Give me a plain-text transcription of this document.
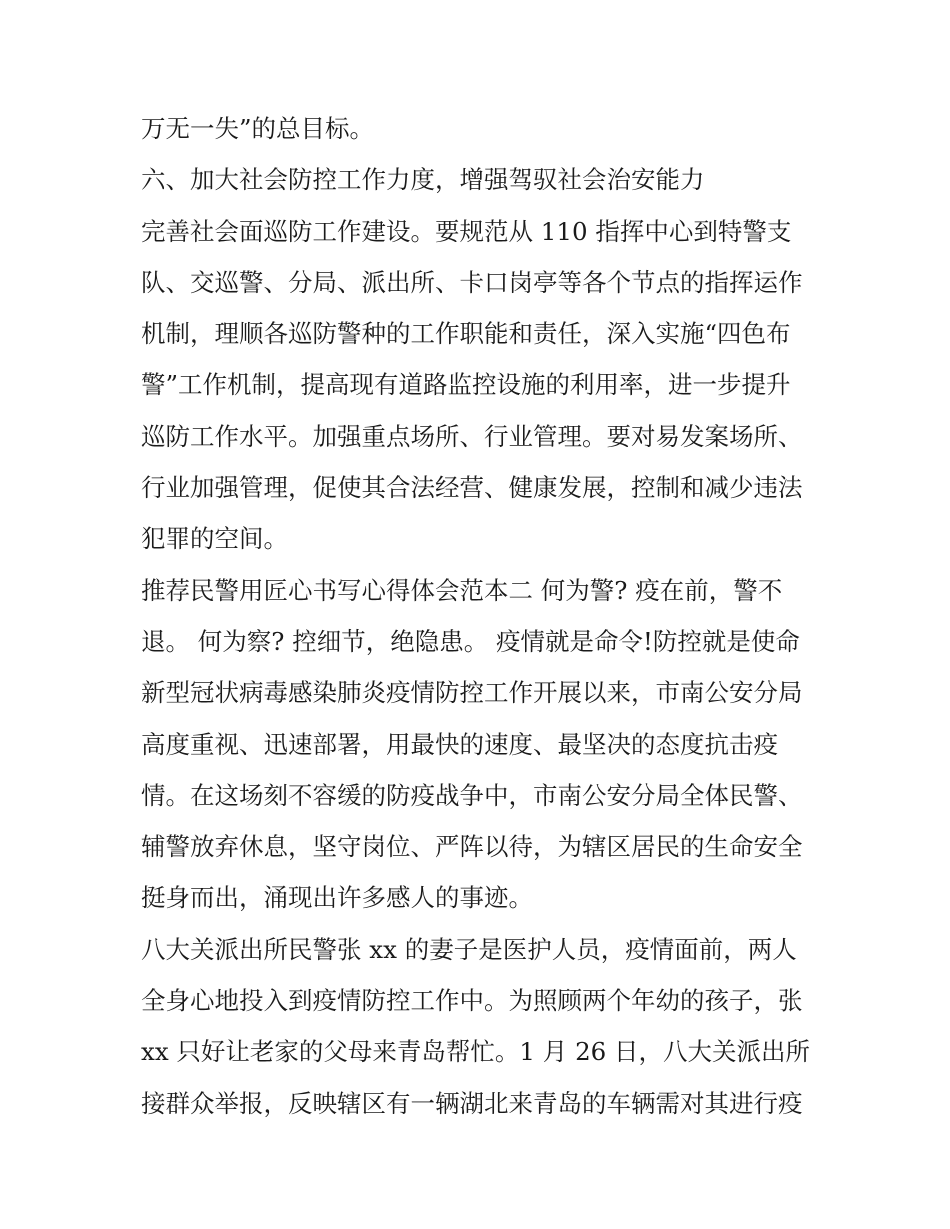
万无一失”的总目标。
六、加大社会防控工作力度，增强驾驭社会治安能力
完善社会面巡防工作建设。要规范从 110 指挥中心到特警支
队、交巡警、分局、派出所、卡口岗亭等各个节点的指挥运作
机制，理顺各巡防警种的工作职能和责任，深入实施“四色布
警”工作机制，提高现有道路监控设施的利用率，进一步提升
巡防工作水平。加强重点场所、行业管理。要对易发案场所、
行业加强管理，促使其合法经营、健康发展，控制和减少违法
犯罪的空间。
推荐民警用匠心书写心得体会范本二 何为警? 疫在前，警不
退。 何为察? 控细节，绝隐患。 疫情就是命令!防控就是使命
新型冠状病毒感染肺炎疫情防控工作开展以来，市南公安分局
高度重视、迅速部署，用最快的速度、最坚决的态度抗击疫
情。在这场刻不容缓的防疫战争中，市南公安分局全体民警、
辅警放弃休息，坚守岗位、严阵以待，为辖区居民的生命安全
挺身而出，涌现出许多感人的事迹。
八大关派出所民警张 xx 的妻子是医护人员，疫情面前，两人
全身心地投入到疫情防控工作中。为照顾两个年幼的孩子，张
xx 只好让老家的父母来青岛帮忙。1 月 26 日，八大关派出所
接群众举报，反映辖区有一辆湖北来青岛的车辆需对其进行疫
